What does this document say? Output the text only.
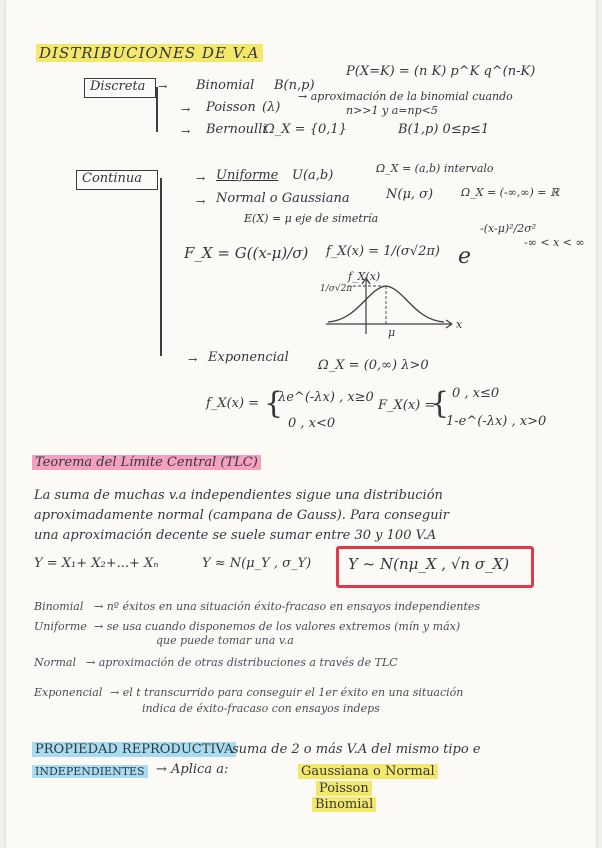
DISTRIBUCIONES DE V.A
Discreta → Binomial B(n,p)
P(X=K) = (n K) p^K q^(n-K)
→ Poisson (λ)
→ aproximación de la binomial cuando
n>>1 y a=np<5
→ Bernoulli
Ω_X = {0,1}	B(1,p) 0≤p≤1
Continua	→ Uniforme U(a,b)	Ω_X = (a,b) intervalo
→ Normal o Gaussiana	N(μ, σ)	Ω_X = (-∞,∞) = ℝ
E(X) = μ eje de simetría
F_X = G((x-μ)/σ) f_X(x) = 1/(σ√2π) e
-(x-μ)²/2σ²
-∞ < x < ∞
f_X(x)
1/σ√2π
x
μ
→ Exponencial
Ω_X = (0,∞) λ>0
f_X(x) = {
λe^(-λx) , x≥0
0 , x<0
F_X(x) =
{ 0 , x≤0
1-e^(-λx) , x>0
Teorema del Límite Central (TLC)
La suma de muchas v.a independientes sigue una distribución
aproximadamente normal (campana de Gauss). Para conseguir
una aproximación decente se suele sumar entre 30 y 100 V.A
Y = X₁+ X₂+...+ Xₙ	Y ≈ N(μ_Y , σ_Y) Y ~ N(nμ_X , √n σ_X)
Binomial → nº éxitos en una situación éxito-fracaso en ensayos independientes
Uniforme → se usa cuando disponemos de los valores extremos (mín y máx)
que puede tomar una v.a
Normal → aproximación de otras distribuciones a través de TLC
Exponencial → el t transcurrido para conseguir el 1er éxito en una situación
indica de éxito-fracaso con ensayos indeps
PROPIEDAD REPRODUCTIVA
suma de 2 o más V.A del mismo tipo e
INDEPENDIENTES → Aplica a:	Gaussiana o Normal
Poisson
Binomial
